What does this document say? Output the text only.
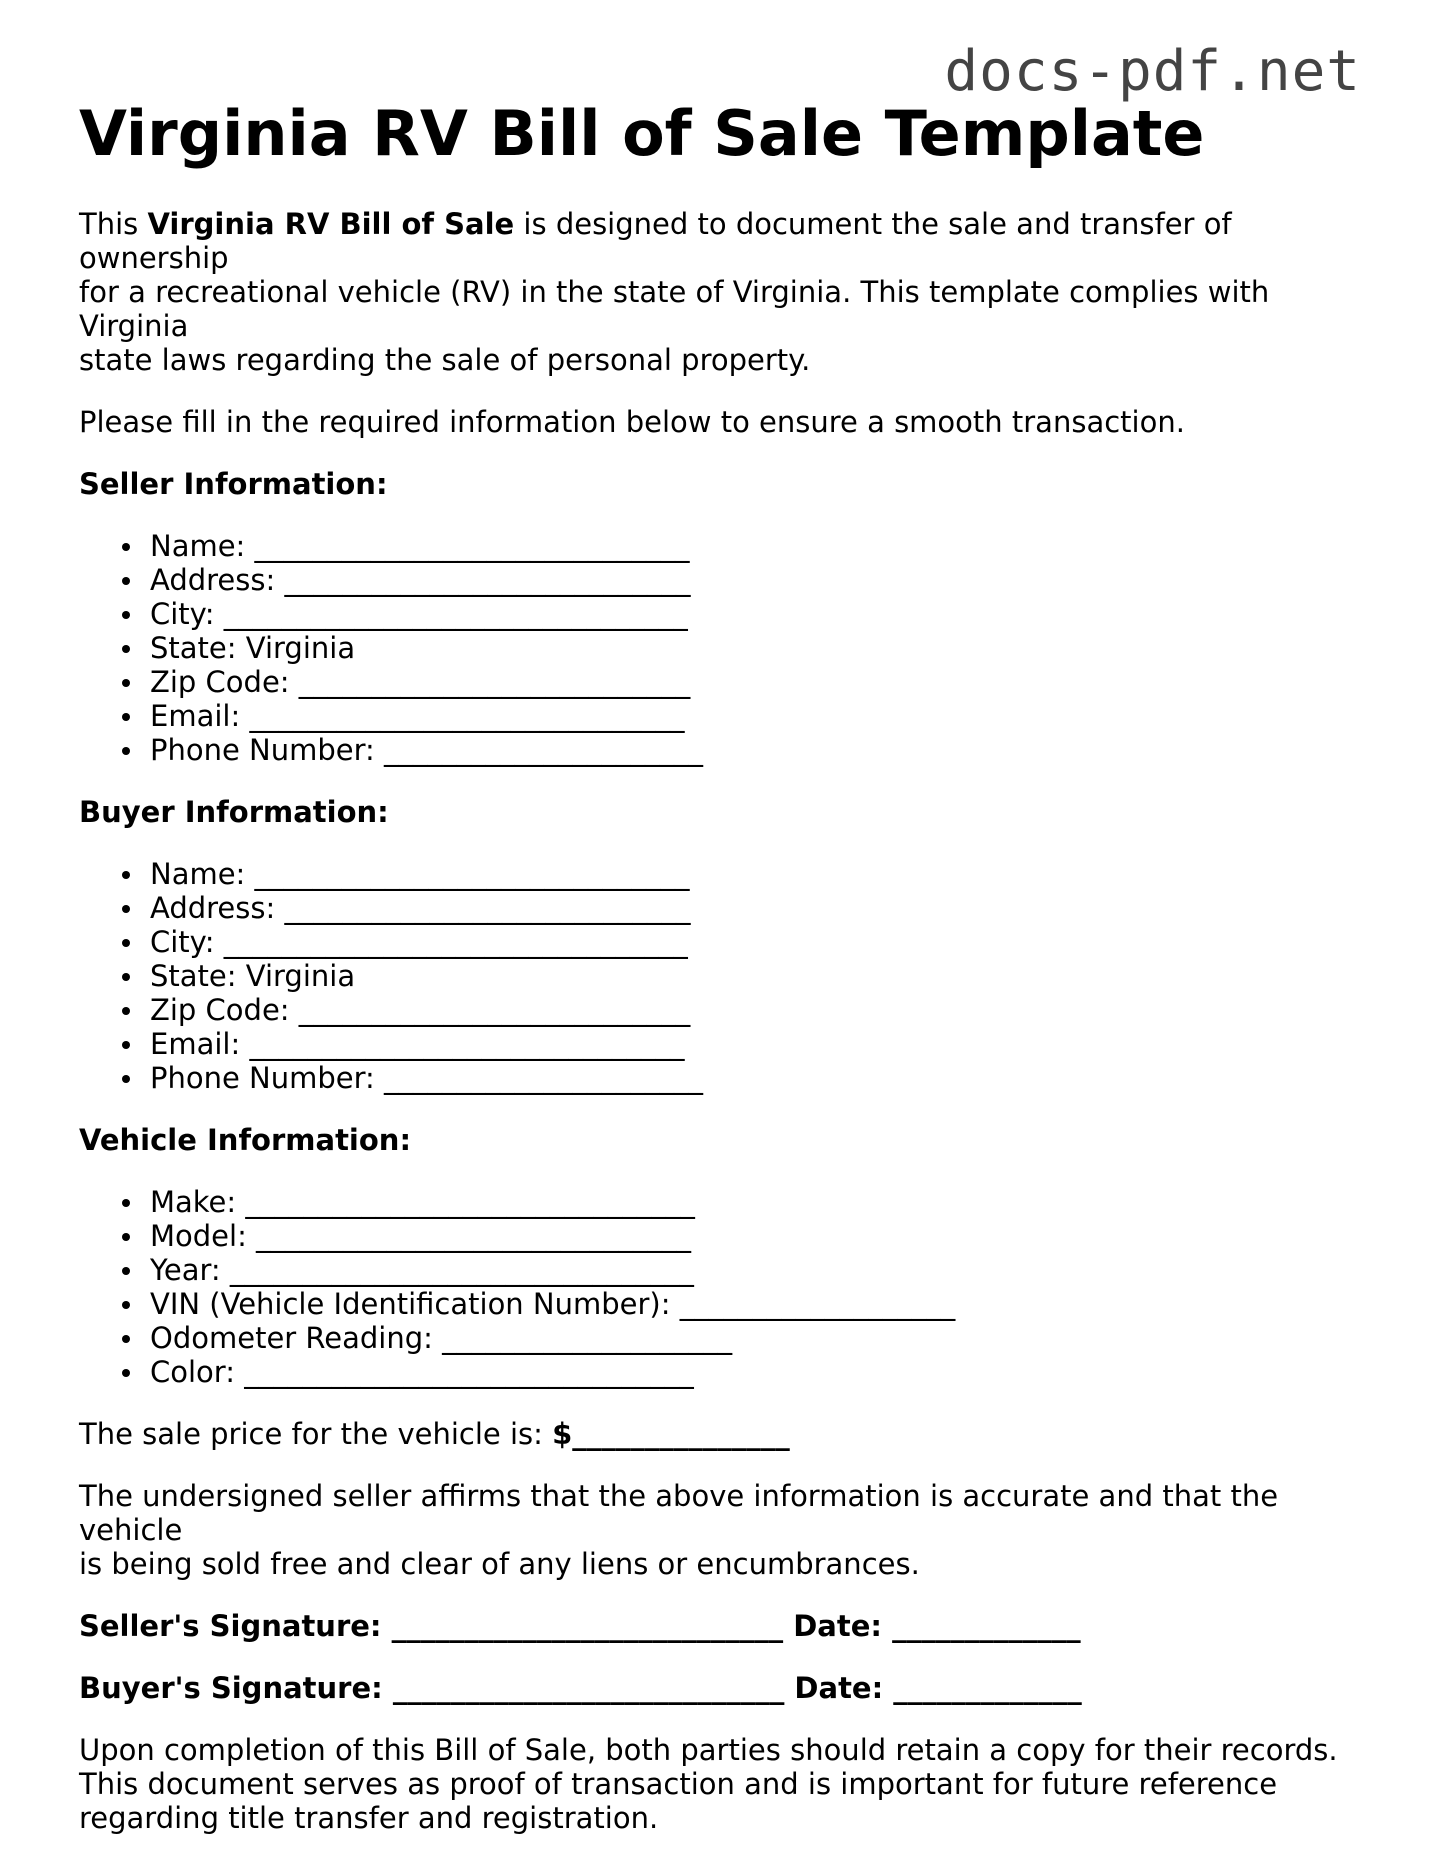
docs-pdf.net
Virginia RV Bill of Sale Template

This Virginia RV Bill of Sale is designed to document the sale and transfer of ownership
for a recreational vehicle (RV) in the state of Virginia. This template complies with Virginia
state laws regarding the sale of personal property.

Please fill in the required information below to ensure a smooth transaction.

Seller Information:

Name: ______________________________
Address: ____________________________
City: ________________________________
State: Virginia
Zip Code: ___________________________
Email: ______________________________
Phone Number: ______________________

Buyer Information:

Name: ______________________________
Address: ____________________________
City: ________________________________
State: Virginia
Zip Code: ___________________________
Email: ______________________________
Phone Number: ______________________

Vehicle Information:

Make: _______________________________
Model: ______________________________
Year: ________________________________
VIN (Vehicle Identification Number): ___________________
Odometer Reading: ____________________
Color: _______________________________

The sale price for the vehicle is: $_______________

The undersigned seller affirms that the above information is accurate and that the vehicle
is being sold free and clear of any liens or encumbrances.

Seller's Signature: ___________________________ Date: _____________

Buyer's Signature: ___________________________ Date: _____________

Upon completion of this Bill of Sale, both parties should retain a copy for their records.
This document serves as proof of transaction and is important for future reference
regarding title transfer and registration.
